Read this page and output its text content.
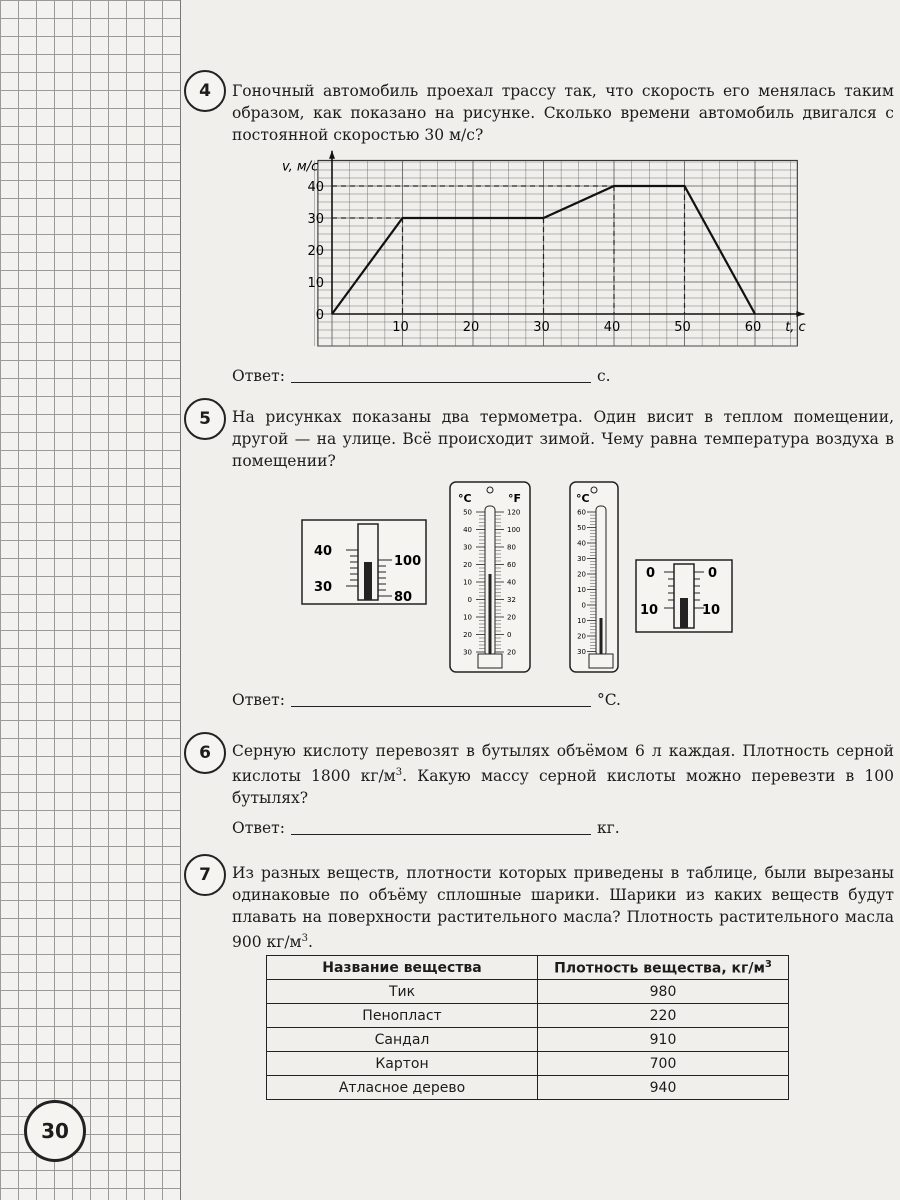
30
4	Гоночный автомобиль проехал трассу так, что скорость его менялась таким образом, как показано на рисунке. Сколько времени автомобиль двигался с постоянной скоростью 30 м/с?
10	20	30	40	50	60
0
10
20
30
40
t, с
v, м/с
Ответ:	с.
5	На рисунках показаны два термометра. Один висит в теплом помещении, другой — на улице. Всё происходит зимой. Чему равна температура воздуха в помещении?
40
30
100
80
°C	°F
50
40
30
20
10
0
10
20
30
120
100
80
60
40
32
20
0
20
°C
60
50
40
30
20
10
0
10
20
30
0
10
0
10
Ответ:	°C.
6	Серную кислоту перевозят в бутылях объёмом 6 л каждая. Плотность серной кислоты 1800 $кг/м^3$. Какую массу серной кислоты можно перевезти в 100 бутылях?
Ответ:	кг.
7	Из разных веществ, плотности которых приведены в таблице, были вырезаны одинаковые по объёму сплошные шарики. Шарики из каких веществ будут плавать на поверхности растительного масла? Плотность растительного масла 900 $кг/м^3$.
Название вещества	Плотность вещества, $кг/м^3$
Тик	980
Пенопласт	220
Сандал	910
Картон	700
Атласное дерево	940
